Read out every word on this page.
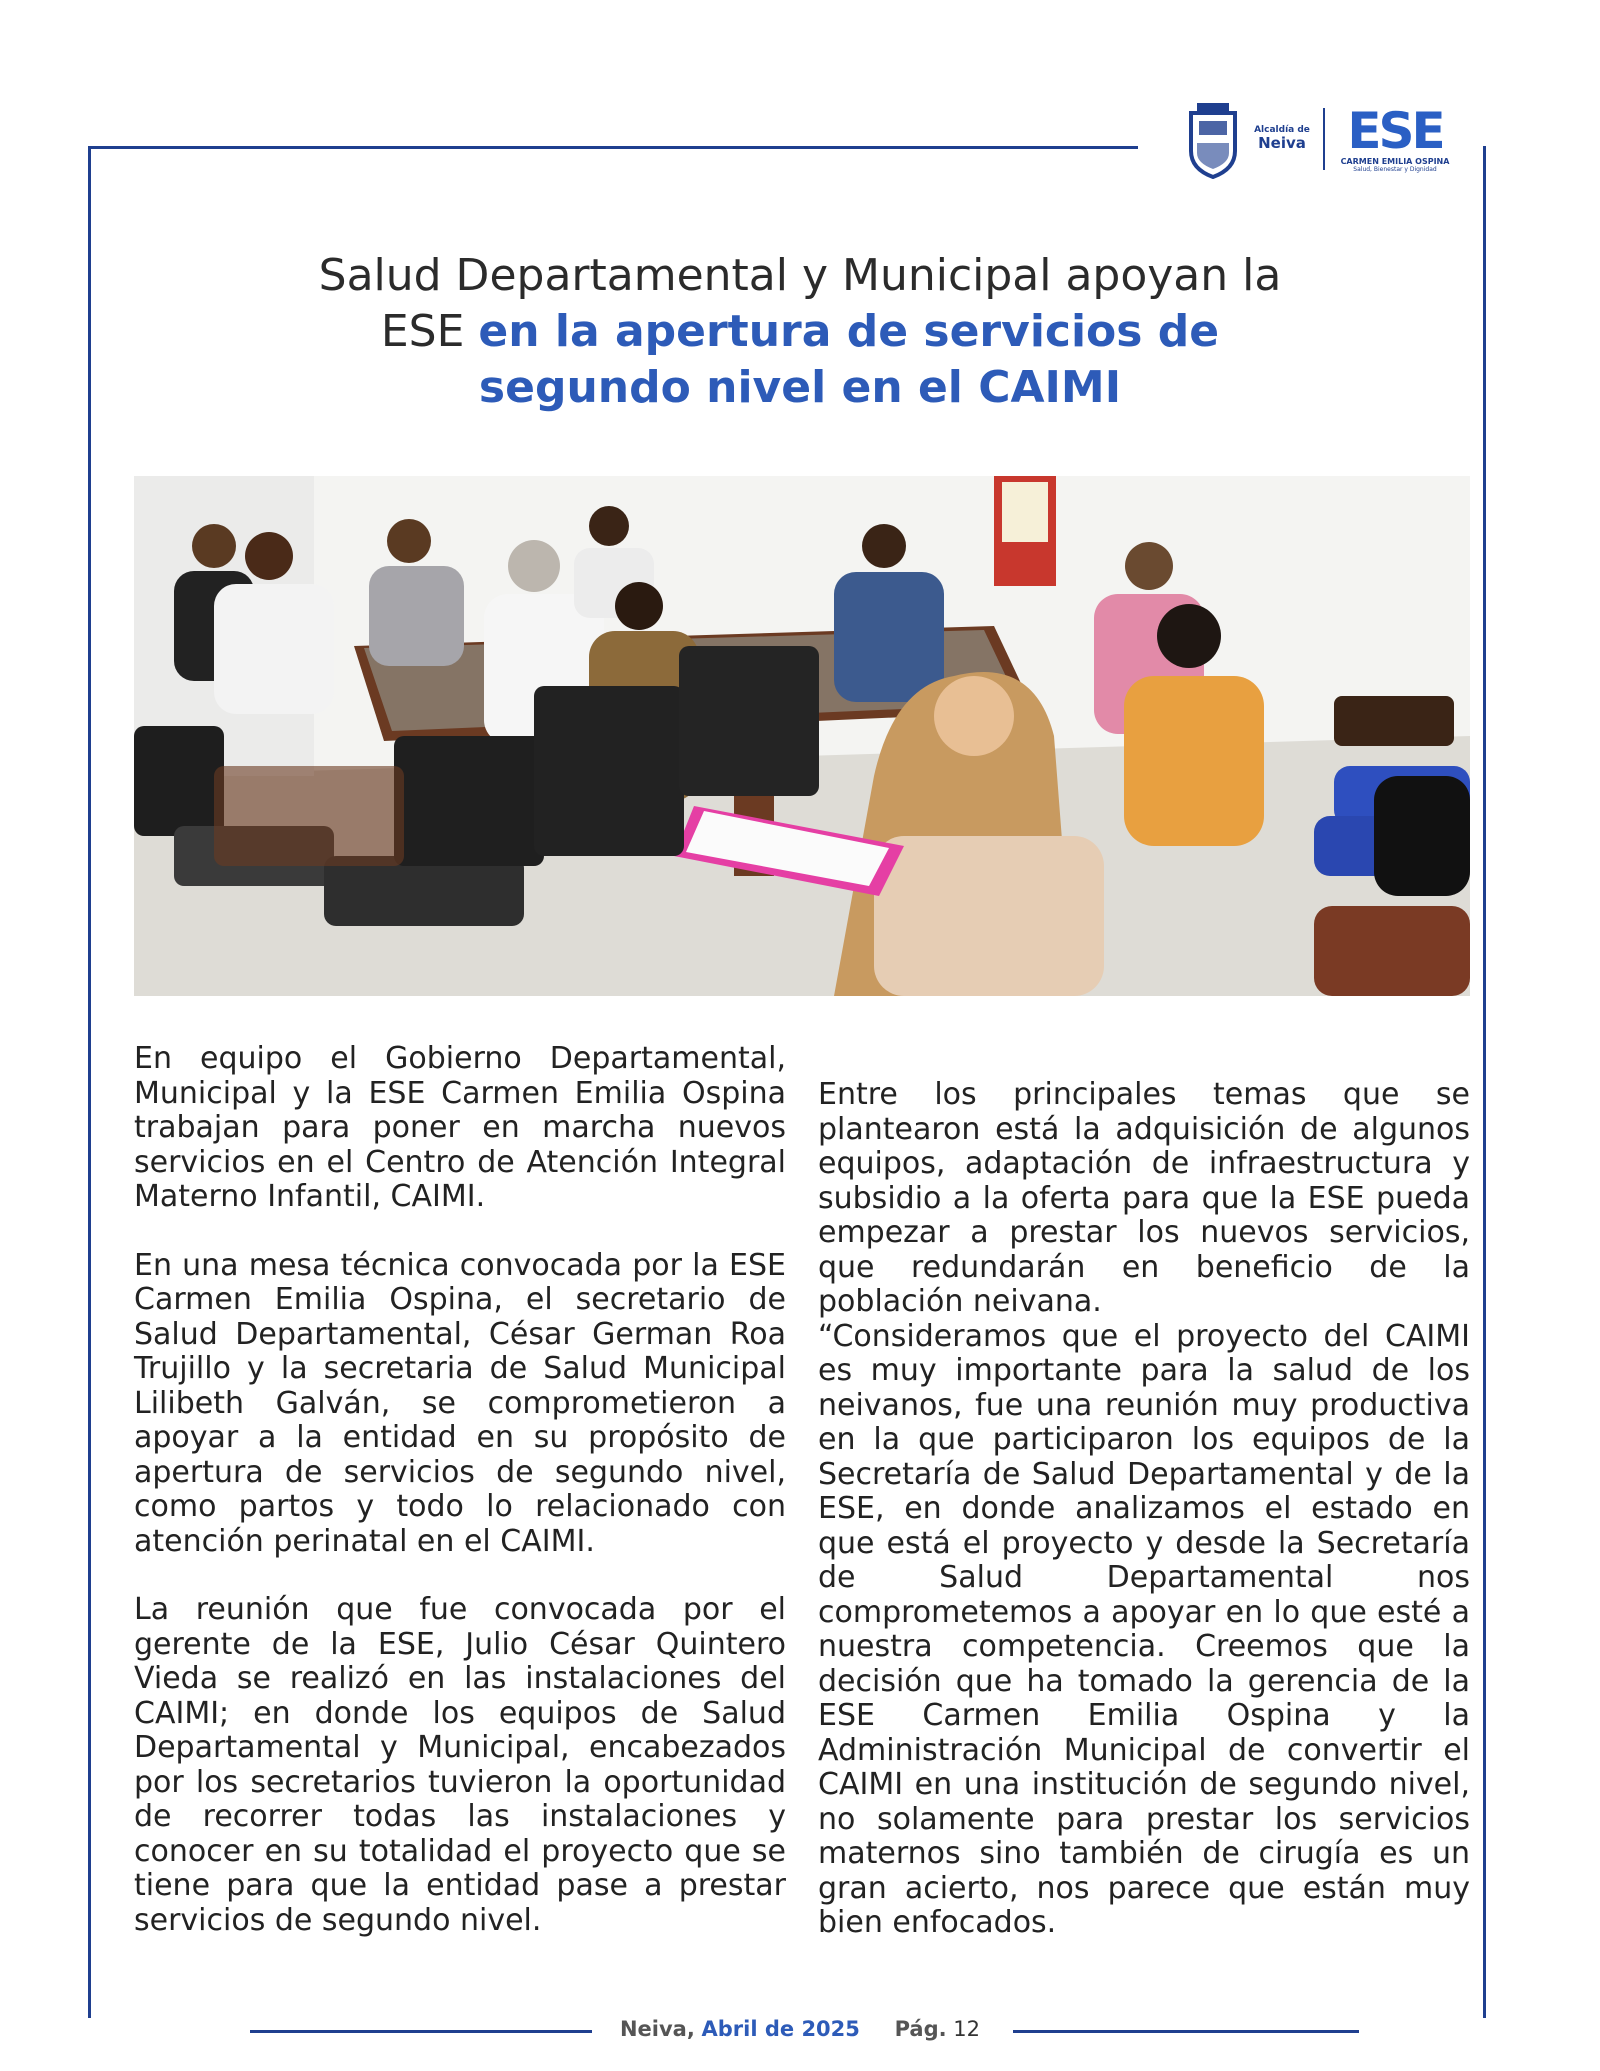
Alcaldía de
Neiva ESE
CARMEN EMILIA OSPINA
Salud, Bienestar y Dignidad
Salud Departamental y Municipal apoyan la
ESE en la apertura de servicios de
segundo nivel en el CAIMI

En equipo el Gobierno Departamental, Municipal y la ESE Carmen Emilia Ospina trabajan para poner en marcha nuevos servicios en el Centro de Atención Integral Materno Infantil, CAIMI.

En una mesa técnica convocada por la ESE Carmen Emilia Ospina, el secretario de Salud Departamental, César German Roa Trujillo y la secretaria de Salud Municipal Lilibeth Galván, se comprometieron a apoyar a la entidad en su propósito de apertura de servicios de segundo nivel, como partos y todo lo relacionado con atención perinatal en el CAIMI.

La reunión que fue convocada por el gerente de la ESE, Julio César Quintero Vieda se realizó en las instalaciones del CAIMI; en donde los equipos de Salud Departamental y Municipal, encabezados por los secretarios tuvieron la oportunidad de recorrer todas las instalaciones y conocer en su totalidad el proyecto que se tiene para que la entidad pase a prestar servicios de segundo nivel.

Entre los principales temas que se plantearon está la adquisición de algunos equipos, adaptación de infraestructura y subsidio a la oferta para que la ESE pueda empezar a prestar los nuevos servicios, que redundarán en beneficio de la población neivana.

“Consideramos que el proyecto del CAIMI es muy importante para la salud de los neivanos, fue una reunión muy productiva en la que participaron los equipos de la Secretaría de Salud Departamental y de la ESE, en donde analizamos el estado en que está el proyecto y desde la Secretaría de Salud Departamental nos comprometemos a apoyar en lo que esté a nuestra competencia. Creemos que la decisión que ha tomado la gerencia de la ESE Carmen Emilia Ospina y la Administración Municipal de convertir el CAIMI en una institución de segundo nivel, no solamente para prestar los servicios maternos sino también de cirugía es un gran acierto, nos parece que están muy bien enfocados.

Neiva, Abril de 2025 Pág. 12
